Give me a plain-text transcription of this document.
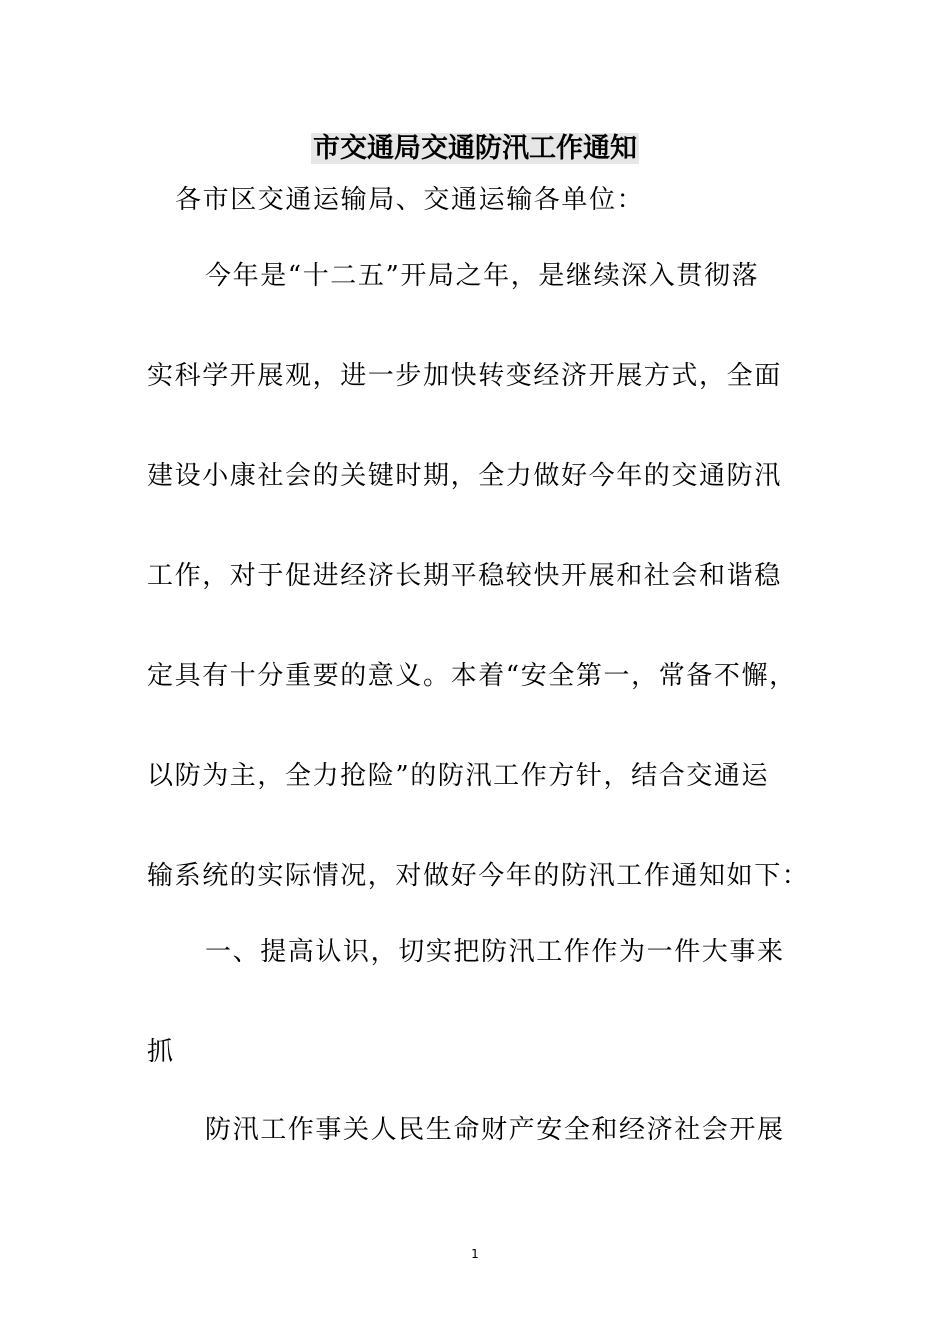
市交通局交通防汛工作通知
各市区交通运输局、交通运输各单位：
今年是“十二五”开局之年，是继续深入贯彻落
实科学开展观，进一步加快转变经济开展方式，全面
建设小康社会的关键时期，全力做好今年的交通防汛
工作，对于促进经济长期平稳较快开展和社会和谐稳
定具有十分重要的意义。本着“安全第一，常备不懈，
以防为主，全力抢险”的防汛工作方针，结合交通运
输系统的实际情况，对做好今年的防汛工作通知如下：
一、提高认识，切实把防汛工作作为一件大事来
抓
防汛工作事关人民生命财产安全和经济社会开展
1
